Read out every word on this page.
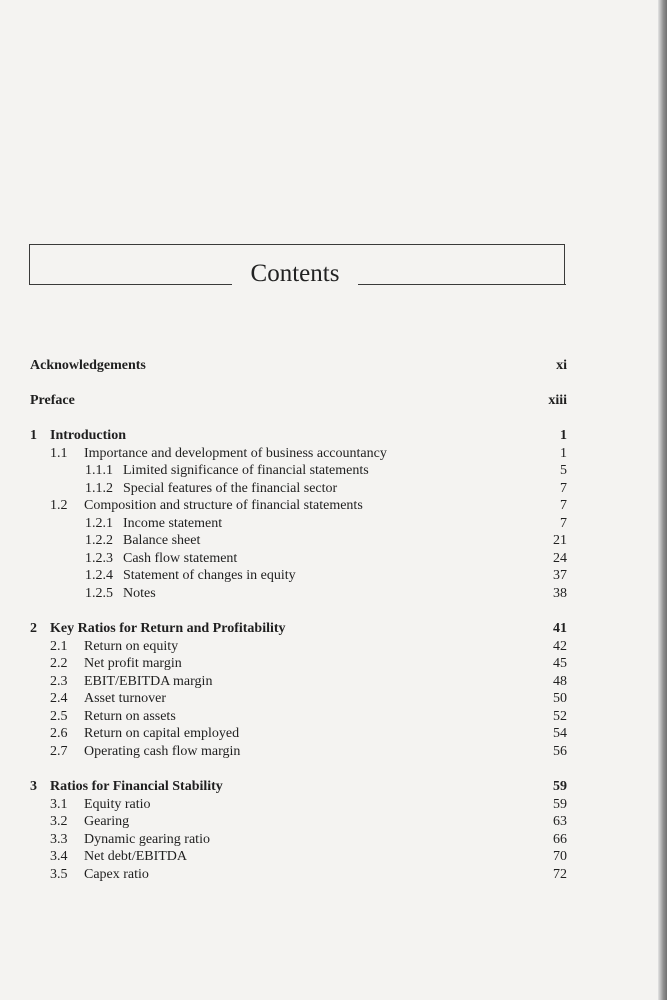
Contents
Acknowledgements	xi
Preface	xiii
1 Introduction	1
1.1 Importance and development of business accountancy	1
1.1.1 Limited significance of financial statements	5
1.1.2 Special features of the financial sector	7
1.2 Composition and structure of financial statements	7
1.2.1 Income statement	7
1.2.2 Balance sheet	21
1.2.3 Cash flow statement	24
1.2.4 Statement of changes in equity	37
1.2.5 Notes	38
2 Key Ratios for Return and Profitability	41
2.1 Return on equity	42
2.2 Net profit margin	45
2.3 EBIT/EBITDA margin	48
2.4 Asset turnover	50
2.5 Return on assets	52
2.6 Return on capital employed	54
2.7 Operating cash flow margin	56
3 Ratios for Financial Stability	59
3.1 Equity ratio	59
3.2 Gearing	63
3.3 Dynamic gearing ratio	66
3.4 Net debt/EBITDA	70
3.5 Capex ratio	72
